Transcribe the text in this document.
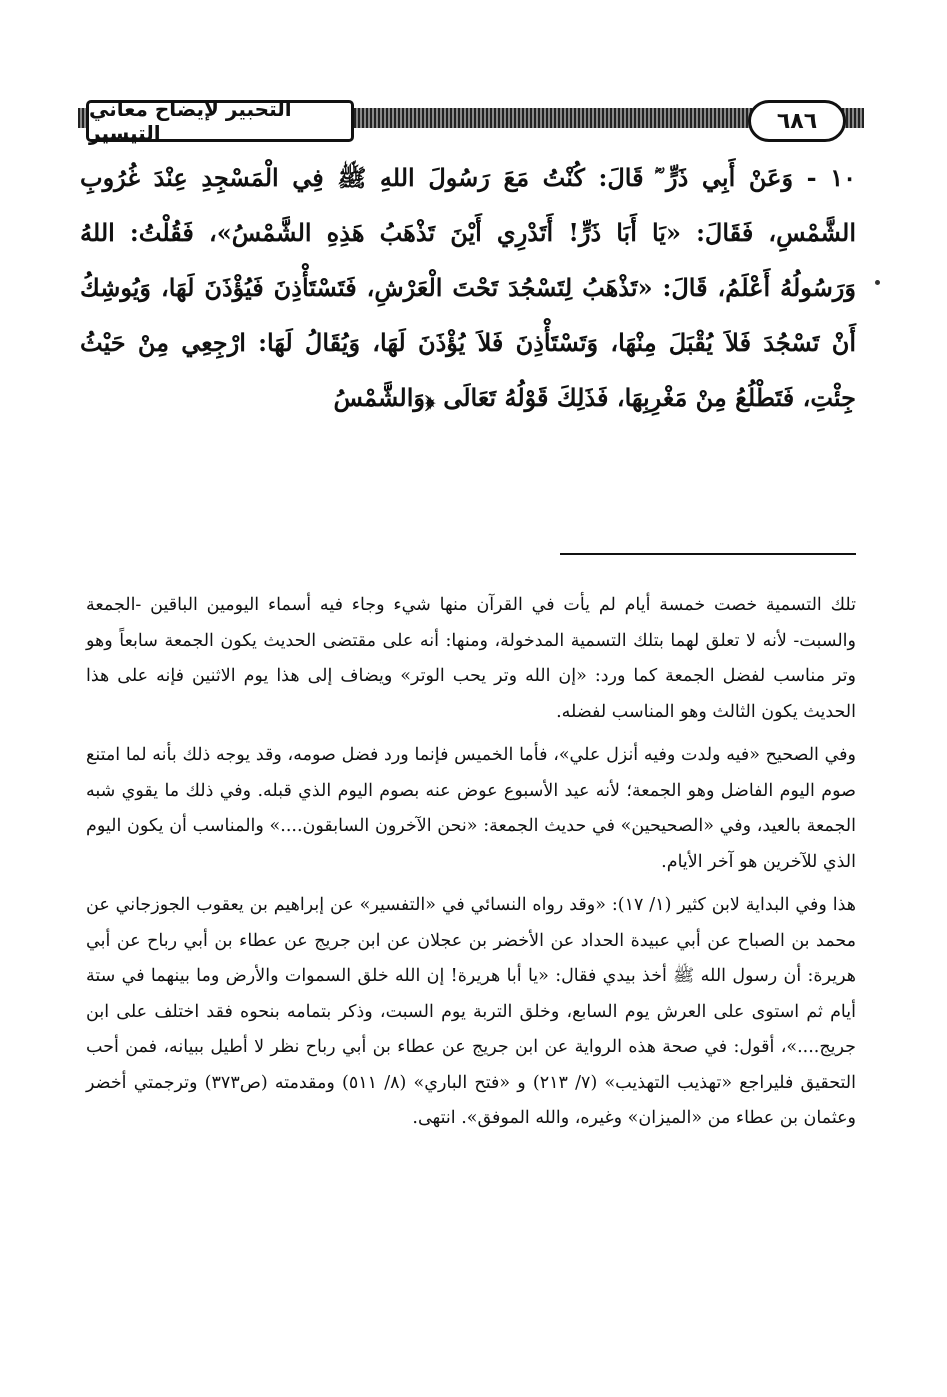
التحبير لإيضاح معاني التيسير	٦٨٦
١٠ - وَعَنْ أَبِي ذَرٍّ ؓ قَالَ: كُنْتُ مَعَ رَسُولَ اللهِ ﷺ فِي الْمَسْجِدِ عِنْدَ غُرُوبِ الشَّمْسِ، فَقَالَ: «يَا أَبَا ذَرٍّ! أَتَدْرِي أَيْنَ تَذْهَبُ هَذِهِ الشَّمْسُ»، فَقُلْتُ: اللهُ وَرَسُولُهُ أَعْلَمُ، قَالَ: «تَذْهَبُ لِتَسْجُدَ تَحْتَ الْعَرْشِ، فَتَسْتَأْذِنَ فَيُؤْذَنَ لَهَا، وَيُوشِكُ أَنْ تَسْجُدَ فَلاَ يُقْبَلَ مِنْهَا، وَتَسْتَأْذِنَ فَلاَ يُؤْذَنَ لَهَا، وَيُقَالُ لَهَا: ارْجِعِي مِنْ حَيْثُ جِئْتِ، فَتَطْلُعُ مِنْ مَغْرِبِهَا، فَذَلِكَ قَوْلُهُ تَعَالَى ﴿وَالشَّمْسُ

تلك التسمية خصت خمسة أيام لم يأت في القرآن منها شيء وجاء فيه أسماء اليومين الباقين -الجمعة والسبت- لأنه لا تعلق لهما بتلك التسمية المدخولة، ومنها: أنه على مقتضى الحديث يكون الجمعة سابعاً وهو وتر مناسب لفضل الجمعة كما ورد: «إن الله وتر يحب الوتر» ويضاف إلى هذا يوم الاثنين فإنه على هذا الحديث يكون الثالث وهو المناسب لفضله.

وفي الصحيح «فيه ولدت وفيه أنزل علي»، فأما الخميس فإنما ورد فضل صومه، وقد يوجه ذلك بأنه لما امتنع صوم اليوم الفاضل وهو الجمعة؛ لأنه عيد الأسبوع عوض عنه بصوم اليوم الذي قبله. وفي ذلك ما يقوي شبه الجمعة بالعيد، وفي «الصحيحين» في حديث الجمعة: «نحن الآخرون السابقون....» والمناسب أن يكون اليوم الذي للآخرين هو آخر الأيام.

هذا وفي البداية لابن كثير (١/ ١٧): «وقد رواه النسائي في «التفسير» عن إبراهيم بن يعقوب الجوزجاني عن محمد بن الصباح عن أبي عبيدة الحداد عن الأخضر بن عجلان عن ابن جريج عن عطاء بن أبي رباح عن أبي هريرة: أن رسول الله ﷺ أخذ بيدي فقال: «يا أبا هريرة! إن الله خلق السموات والأرض وما بينهما في ستة أيام ثم استوى على العرش يوم السابع، وخلق التربة يوم السبت، وذكر بتمامه بنحوه فقد اختلف على ابن جريج....»، أقول: في صحة هذه الرواية عن ابن جريج عن عطاء بن أبي رباح نظر لا أطيل ببيانه، فمن أحب التحقيق فليراجع «تهذيب التهذيب» (٧/ ٢١٣) و «فتح الباري» (٨/ ٥١١) ومقدمته (ص٣٧٣) وترجمتي أخضر وعثمان بن عطاء من «الميزان» وغيره، والله الموفق». انتهى.
